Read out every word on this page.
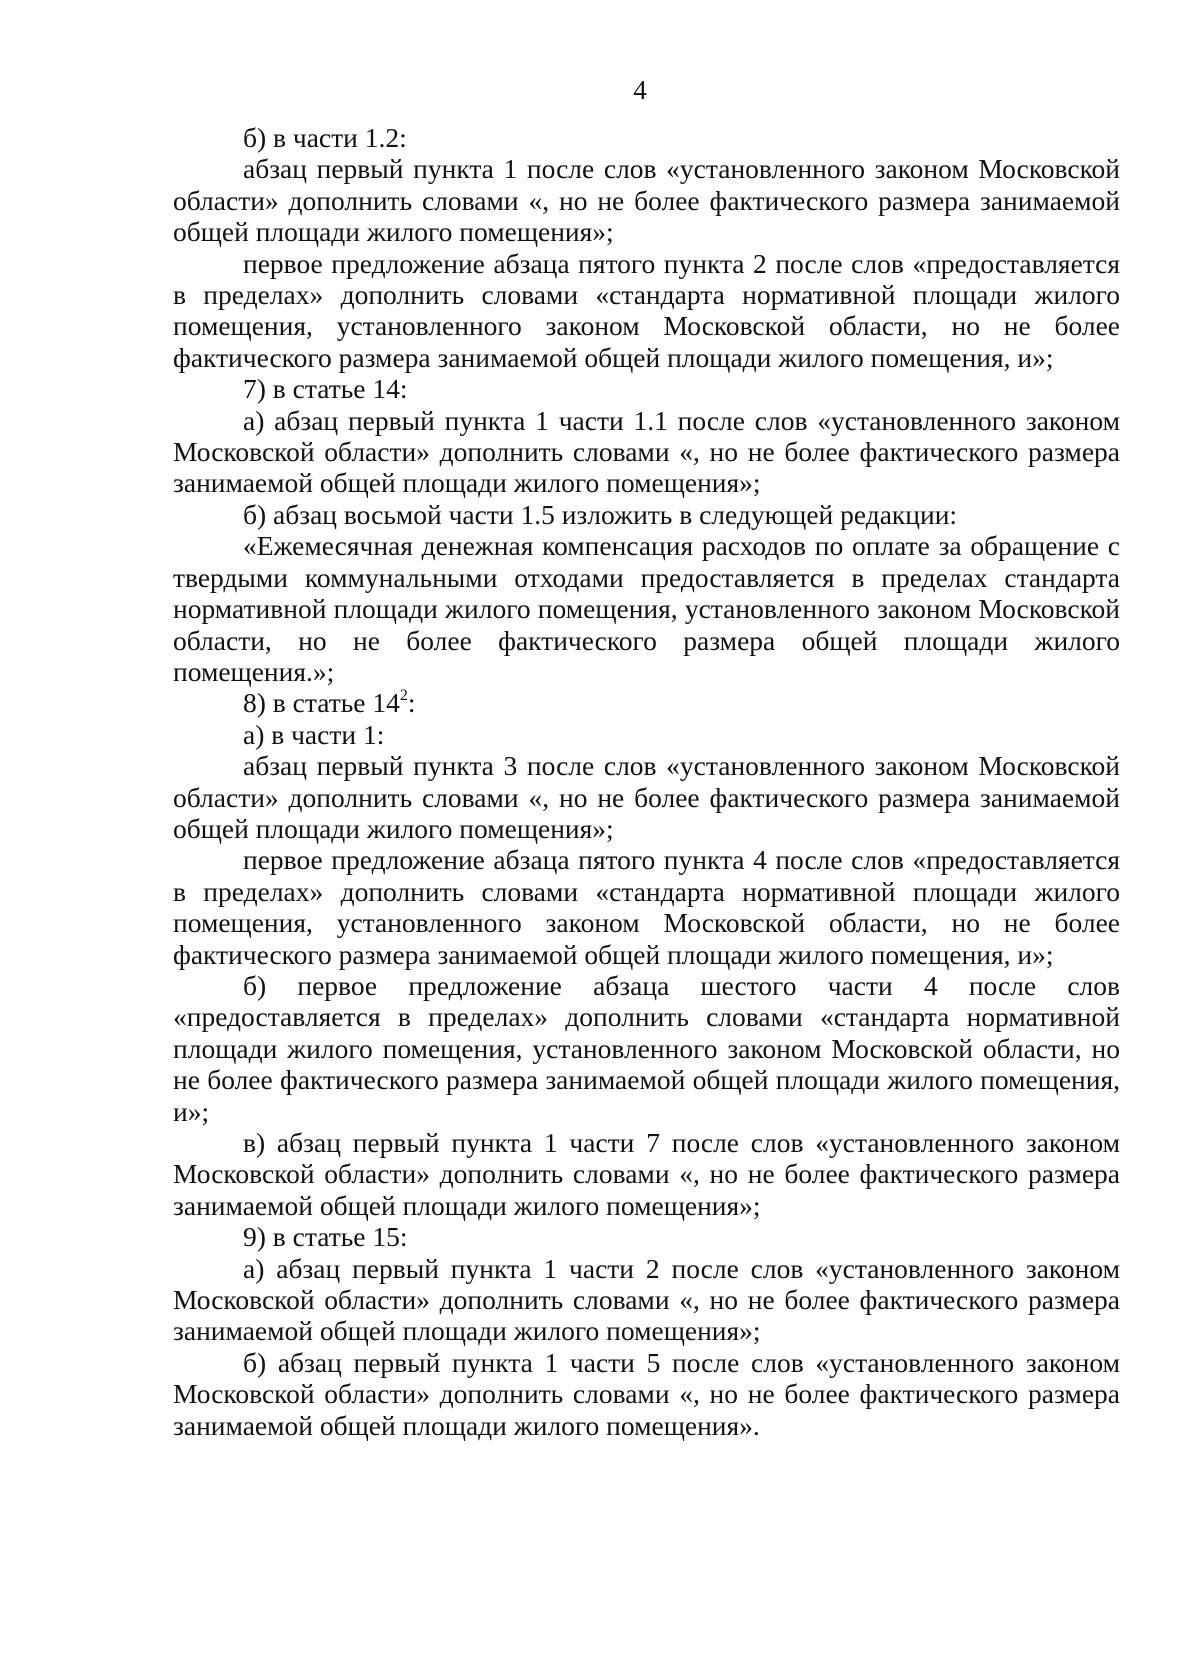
4

б) в части 1.2:

абзац первый пункта 1 после слов «установленного законом Московской области» дополнить словами «, но не более фактического размера занимаемой общей площади жилого помещения»;

первое предложение абзаца пятого пункта 2 после слов «предоставляется в пределах» дополнить словами «стандарта нормативной площади жилого помещения, установленного законом Московской области, но не более фактического размера занимаемой общей площади жилого помещения, и»;

7) в статье 14:

а) абзац первый пункта 1 части 1.1 после слов «установленного законом Московской области» дополнить словами «, но не более фактического размера занимаемой общей площади жилого помещения»;

б) абзац восьмой части 1.5 изложить в следующей редакции:

«Ежемесячная денежная компенсация расходов по оплате за обращение с твердыми коммунальными отходами предоставляется в пределах стандарта нормативной площади жилого помещения, установленного законом Московской области, но не более фактического размера общей площади жилого помещения.»;

8) в статье $14^2$:

a) в части 1:

абзац первый пункта 3 после слов «установленного законом Московской области» дополнить словами «, но не более фактического размера занимаемой общей площади жилого помещения»;

первое предложение абзаца пятого пункта 4 после слов «предоставляется в пределах» дополнить словами «стандарта нормативной площади жилого помещения, установленного законом Московской области, но не более фактического размера занимаемой общей площади жилого помещения, и»;

б) первое предложение абзаца шестого части 4 после слов «предоставляется в пределах» дополнить словами «стандарта нормативной площади жилого помещения, установленного законом Московской области, но не более фактического размера занимаемой общей площади жилого помещения, и»;

в) абзац первый пункта 1 части 7 после слов «установленного законом Московской области» дополнить словами «, но не более фактического размера занимаемой общей площади жилого помещения»;

9) в статье 15:

а) абзац первый пункта 1 части 2 после слов «установленного законом Московской области» дополнить словами «, но не более фактического размера занимаемой общей площади жилого помещения»;

б) абзац первый пункта 1 части 5 после слов «установленного законом Московской области» дополнить словами «, но не более фактического размера занимаемой общей площади жилого помещения».
